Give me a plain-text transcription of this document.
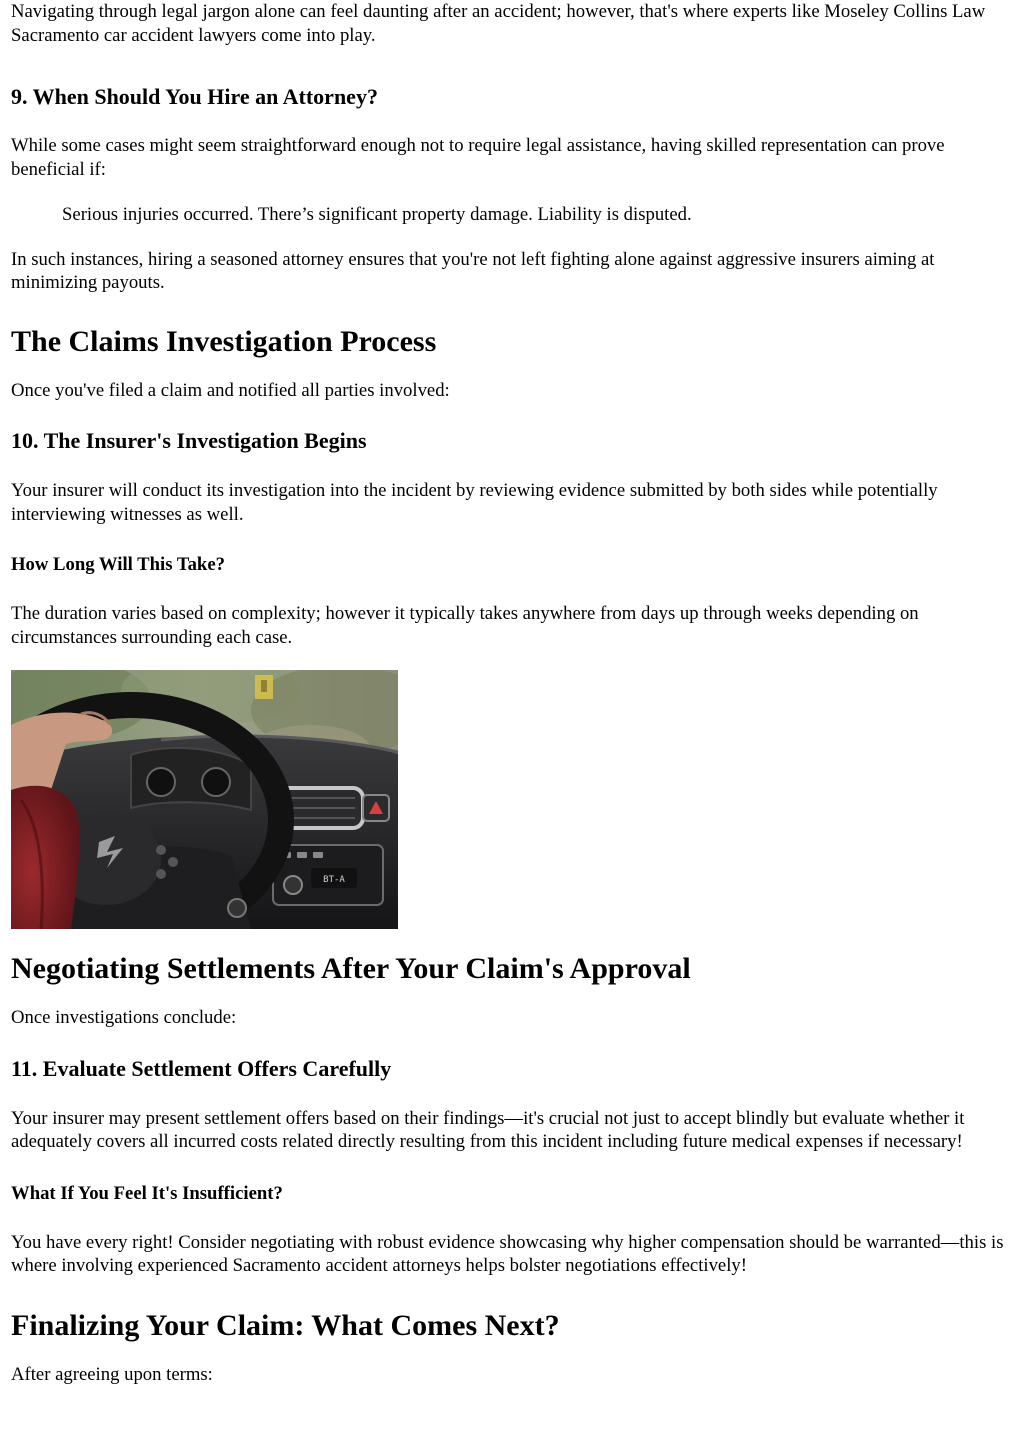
Navigating through legal jargon alone can feel daunting after an accident; however, that's where experts like Moseley Collins Law Sacramento car accident lawyers come into play.

9. When Should You Hire an Attorney?

While some cases might seem straightforward enough not to require legal assistance, having skilled representation can prove beneficial if:

Serious injuries occurred. There’s significant property damage. Liability is disputed.

In such instances, hiring a seasoned attorney ensures that you're not left fighting alone against aggressive insurers aiming at minimizing payouts.

The Claims Investigation Process

Once you've filed a claim and notified all parties involved:

10. The Insurer's Investigation Begins

Your insurer will conduct its investigation into the incident by reviewing evidence submitted by both sides while potentially interviewing witnesses as well.

How Long Will This Take?

The duration varies based on complexity; however it typically takes anywhere from days up through weeks depending on circumstances surrounding each case.

BT-A
Negotiating Settlements After Your Claim's Approval

Once investigations conclude:

11. Evaluate Settlement Offers Carefully

Your insurer may present settlement offers based on their findings—it's crucial not just to accept blindly but evaluate whether it adequately covers all incurred costs related directly resulting from this incident including future medical expenses if necessary!

What If You Feel It's Insufficient?

You have every right! Consider negotiating with robust evidence showcasing why higher compensation should be warranted—this is where involving experienced Sacramento accident attorneys helps bolster negotiations effectively!

Finalizing Your Claim: What Comes Next?

After agreeing upon terms:
